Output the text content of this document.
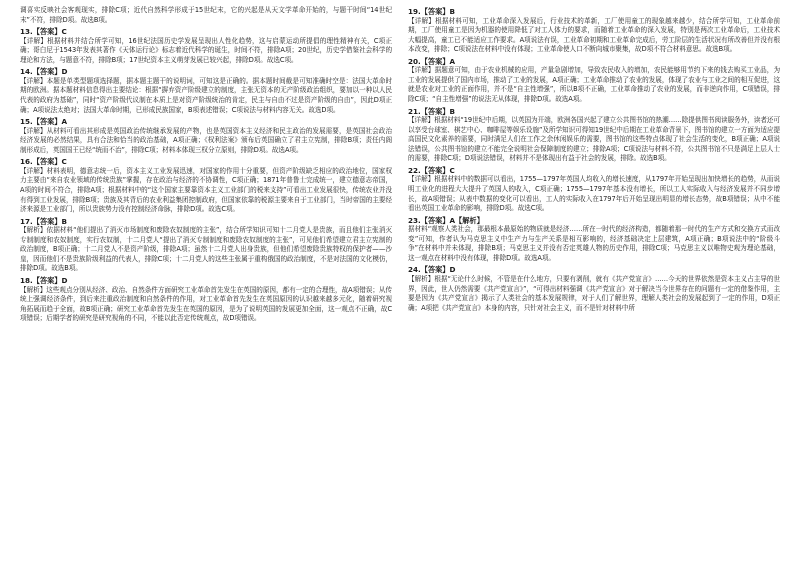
调喜实反映社会客观现实，排除C项；近代自然科学形成于15世纪末，它的兴起是从天文学革命开始的，与题干时间“14世纪末”不符，排除D项。故选B项。

13.【答案】C

【详解】根据材料并结合所学可知，16世纪法国历史学发展呈现出人性化趋势，这与启蒙运动所提倡的理性精神有关，C项正确；哥白尼于1543年发表其著作《天体运行论》标志着近代科学的诞生，时间不符，排除A项；20世纪，历史学借鉴社会科学的理论和方法，与题意不符，排除B项；17世纪资本主义萌芽发展已较兴起，排除D项。故选C项。

14.【答案】D

【详解】本题是单类型题项选择题，据本题主题干的说明词，可知这是正确的。据本题时间截是可知准确时空是：法国大革命时期的欧洲。据本题材料信息得出主要结论：根据“摒弃资产阶级建立的制度，主张无资本的无产阶级政治组织，要加以一种以人民代表的政府为基础”，同时“资产阶级代议制在本质上是对资产阶级统治的肯定，民主与自由不过是资产阶级的自由”，因此D项正确；A项说法太绝对；法国大革命时期，已形成民族国家，B项表述错误；C项说法与材料内容无关。故选D项。

15.【答案】A

【详解】从材料可看出其形成是英国政治传统继承发展的产物，也是英国资本主义经济和民主政治的发展需要，是英国社会政治经济发展的必然结果，具有合法和恰当的政治基础，A项正确；《权利法案》颁布后英国确立了君主立宪制，排除B项；责任内阁制形成后，英国国王已经“统而不治”，排除C项；材料本体现三权分立原则，排除D项。故选A项。

16.【答案】C

【详解】材料表明，德意志统一后，资本主义工业发展迅速，对国家的作用十分重要，但资产阶级缺乏相应的政治地位，国家权力主要由“来自农业领域的传统贵族”掌握，存在政治与经济的不协调性，C项正确；1871年普鲁士完成统一，建立德意志帝国，A项的时间不符合，排除A项；根据材料中的“这个国家主要靠资本主义工业部门的税来支持”可看出工业发展很快，传统农业并没有得到工业发展，排除B项；贵族及其背后的农业利益集团控制政府，但国家依靠的税源主要来自于工业部门，当时帝国的主要经济来源是工业部门，所以贵族势力没有控制经济命脉，排除D项。故选C项。

17.【答案】B

【解析】依据材料“他们提出了消灭市场制度和废除农奴制度的主张”，结合所学知识可知十二月党人是贵族，而且他们主张消灭专制制度和农奴制度，实行农奴制，十二月党人“提出了消灭专制制度和废除农奴制度的主张”，可见他们希望建立君主立宪制的政治制度，B项正确；十二月党人不是资产阶级，排除A项；虽然十二月党人出身贵族，但他们希望废除贵族特权的保护者——沙皇，因而他们不是贵族阶级利益的代表人，排除C项；十二月党人的这些主张属于重构俄国的政治制度，不是对法国的文化模仿，排除D项。故选B项。

18.【答案】D

【解析】这些观点分别从经济、政治、自然条件方面研究工业革命首先发生在英国的原因，都有一定的合理性，故A项错误；从传统上强调经济条件，到后来注重政治制度和自然条件的作用，对工业革命首先发生在英国原因的认识越来越多元化，随着研究视角拓展而趋于全面，故B项正确；研究工业革命首先发生在英国的原因，是为了说明英国的发展更加全面，这一观点不正确，故C项错误；后期学者的研究是研究视角的不同，不能以此否定传统观点，故D项错误。

19.【答案】B

【详解】根据材料可知，工业革命深入发展后，行业技术的革新，工厂使用童工的现象越来越少，结合所学可知，工业革命前期，工厂使用童工是因为机器的使用降低了对工人体力的要求，而随着工业革命的深入发展，特别是两次工业革命后，工业技术大幅提高，童工已不能适应工作要求。A项说法有误，工业革命初期和工业革命完成后，劳工阶层的生活状况有所改善但并没有根本改变，排除；C项说法在材料中没有体现；工业革命使人口不断向城市聚集，故D项不符合材料意思。故选B项。

20.【答案】A

【详解】据题意可知，由于农业机械的应用，产量急剧增加，导致农民收入的增加，农民能够用节约下来的钱去购买工业品，为工业的发展提供了国内市场，推动了工业的发展，A项正确；工业革命推动了农业的发展，体现了农业与工业之间的相互促进，这就是农业对工业的正面作用，并不是“自主性增强”，所以B项不正确，工业革命推动了农业的发展，而非逆向作用，C项错误，排除C项；“自主性增强”的说法无从体现，排除D项。故选A项。

21.【答案】B

【详解】根据材料“19世纪中后期，以英国为开端，欧洲各国兴起了建立公共图书馆的热潮……除提供图书阅读服务外，读者还可以享受台球室、棋艺中心、咖啡屋等娱乐设施”及所学知识可得知19世纪中后期在工业革命背景下，图书馆的建立一方面为适应提高国民文化素养的需要，同时满足人们在工作之余休闲娱乐的需要，图书馆的这些特点体现了社会生活的变化，B项正确；A项说法错误，公共图书馆的建立不能完全说明社会保障制度的建立；排除A项；C项说法与材料不符，公共图书馆不只是满足上层人士的需要，排除C项；D项说法错误，材料并不是体现出有益于社会的发展，排除。故选B项。

22.【答案】C

【详解】根据材料中的数据可以看出，1755—1797年英国人均收入的增长速度，从1797年开始呈现出加快增长的趋势，从而说明工业化的进程大大提升了英国人的收入，C项正确；1755—1797年基本没有增长，所以工人实际收入与经济发展并不同步增长，故A项错误；从表中数据的变化可以看出，工人的实际收入在1797年后开始呈现出明显的增长态势，故B项错误；从中不能看出英国工业革命的影响，排除D项。故选C项。

23.【答案】A【解析】

据材料“观察人类社会，那最根本最原始的物质就是经济……所在一时代的经济构造，都随着那一时代的生产方式和交换方式而改变”可知，作者认为马克思主义中生产力与生产关系是相互影响的，经济基础决定上层建筑，A项正确；B项说法中的“阶级斗争”在材料中并未体现，排除B项；马克思主义并没有否定英雄人物的历史作用，排除C项；马克思主义以唯物史观为理论基础，这一观点在材料中没有体现，排除D项。故选A项。

24.【答案】D

【解析】根据“无论什么时候，不管是在什么地方，只要有剥削，就有《共产党宣言》……今天的世界依然是资本主义占主导的世界，因此，世人仍然需要《共产党宣言》”，“可得出材料强调《共产党宣言》对于解决当今世界存在的问题有一定的借鉴作用，主要是因为《共产党宣言》揭示了人类社会的基本发展规律，对于人们了解世界，理解人类社会的发展起到了一定的作用，D项正确；A项把《共产党宣言》本身的内容，只针对社会主义，而不是针对材料中所
